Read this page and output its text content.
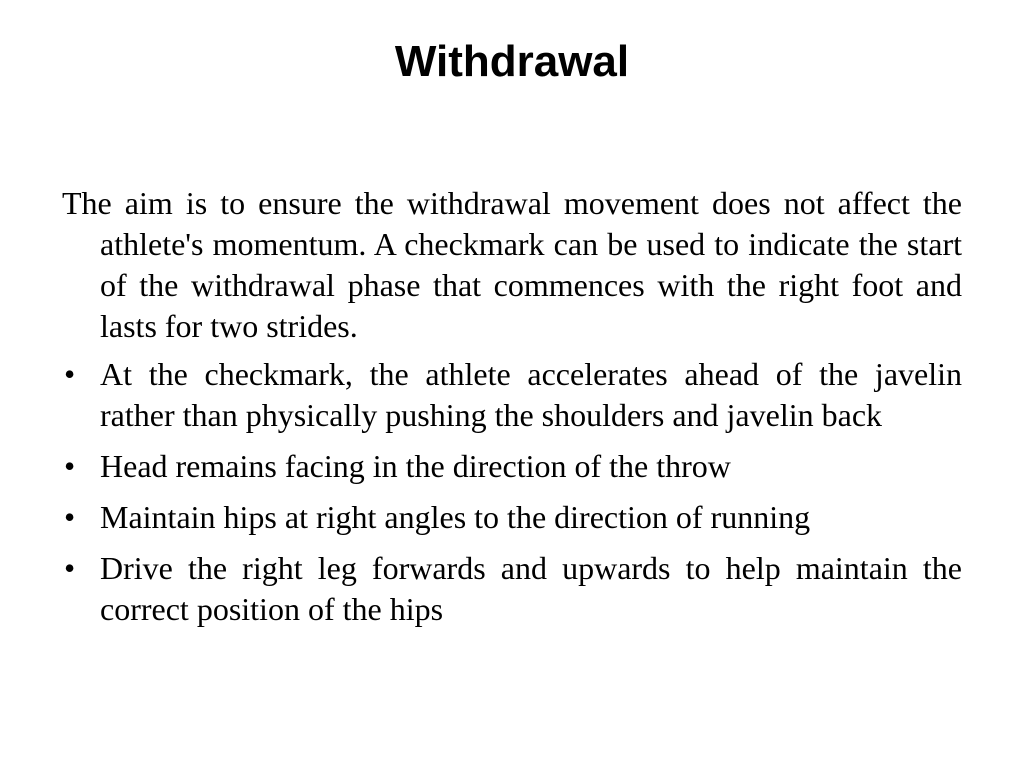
Withdrawal

The aim is to ensure the withdrawal movement does not affect the athlete's momentum. A checkmark can be used to indicate the start of the withdrawal phase that commences with the right foot and lasts for two strides.

• At the checkmark, the athlete accelerates ahead of the javelin rather than physically pushing the shoulders and javelin back
• Head remains facing in the direction of the throw
• Maintain hips at right angles to the direction of running
• Drive the right leg forwards and upwards to help maintain the correct position of the hips
